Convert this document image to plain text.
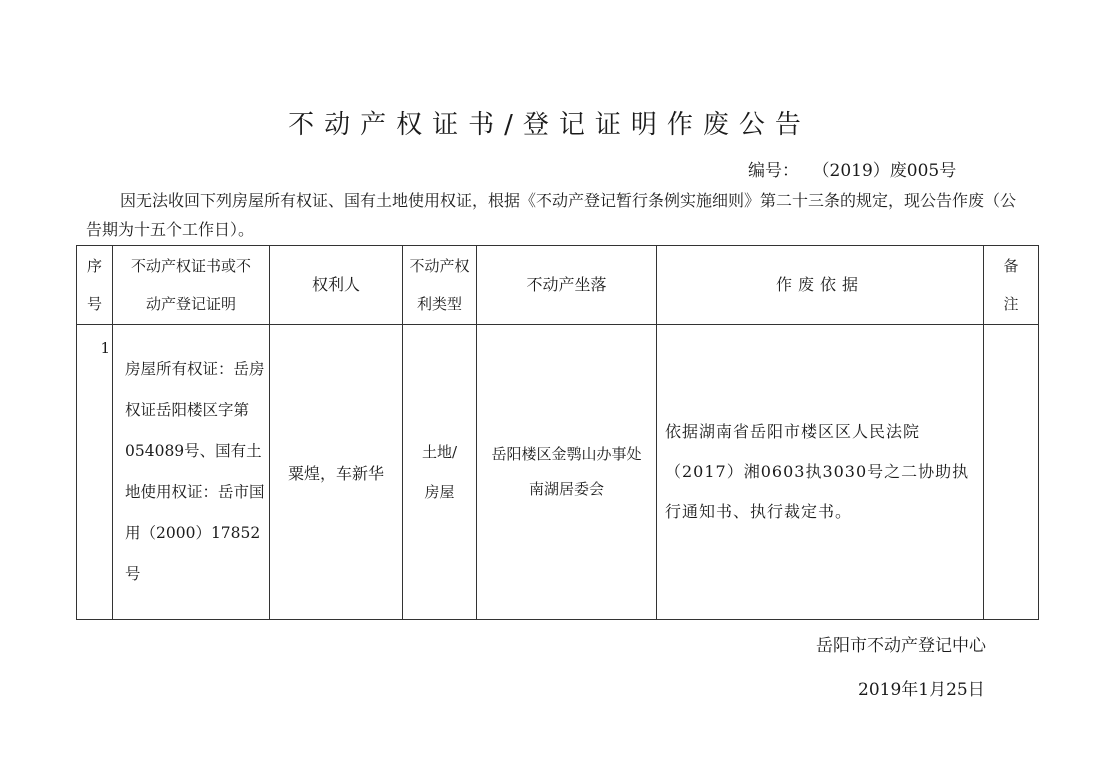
不动产权证书/登记证明作废公告
编号： （2019）废005号
因无法收回下列房屋所有权证、国有土地使用权证，根据《不动产登记暂行条例实施细则》第二十三条的规定，现公告作废（公告期为十五个工作日）。
序号	不动产权证书或不动产登记证明	权利人	不动产权利类型	不动产坐落	作废依据	备注
1	房屋所有权证：岳房权证岳阳楼区字第054089号、国有土地使用权证：岳市国用（2000）17852号	粟煌，车新华	土地/房屋	岳阳楼区金鹗山办事处南湖居委会	依据湖南省岳阳市楼区区人民法院（2017）湘0603执3030号之二协助执行通知书、执行裁定书。	
岳阳市不动产登记中心
2019年1月25日
